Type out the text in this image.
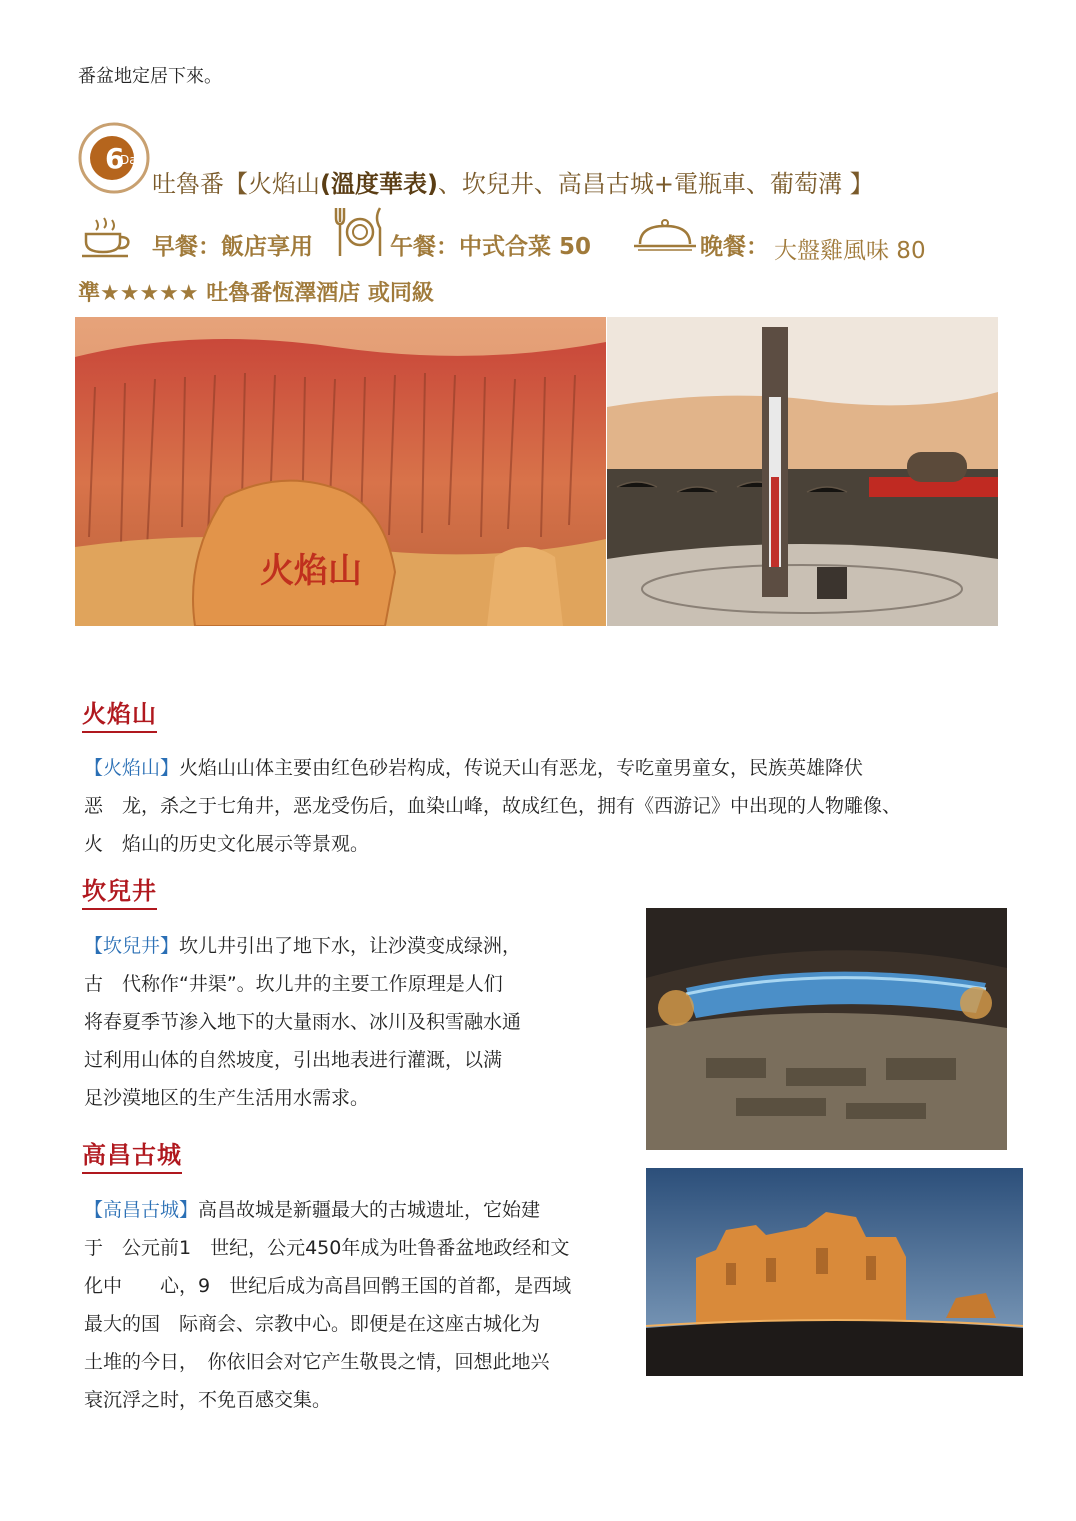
番盆地定居下來。
6
Day
吐魯番【火焰山(溫度華表)、坎兒井、高昌古城+電瓶車、葡萄溝 】
早餐：飯店享用	午餐：中式合菜 50	晚餐： 大盤雞風味 80
準★★★★★ 吐魯番恆澤酒店 或同級
火焰山
火焰山
【火焰山】火焰山山体主要由红色砂岩构成，传说天山有恶龙，专吃童男童女，民族英雄降伏
恶　龙，杀之于七角井，恶龙受伤后，血染山峰，故成红色，拥有《西游记》中出现的人物雕像、
火　焰山的历史文化展示等景观。
坎兒井
【坎兒井】坎儿井引出了地下水，让沙漠变成绿洲，
古　代称作“井渠”。坎儿井的主要工作原理是人们
将春夏季节渗入地下的大量雨水、冰川及积雪融水通
过利用山体的自然坡度，引出地表进行灌溉，以满
足沙漠地区的生产生活用水需求。
高昌古城
【高昌古城】高昌故城是新疆最大的古城遗址，它始建
于　公元前1　世纪，公元450年成为吐鲁番盆地政经和文
化中　　心，9　世纪后成为高昌回鹘王国的首都，是西域
最大的国　际商会、宗教中心。即便是在这座古城化为
土堆的今日，　你依旧会对它产生敬畏之情，回想此地兴
衰沉浮之时，不免百感交集。
